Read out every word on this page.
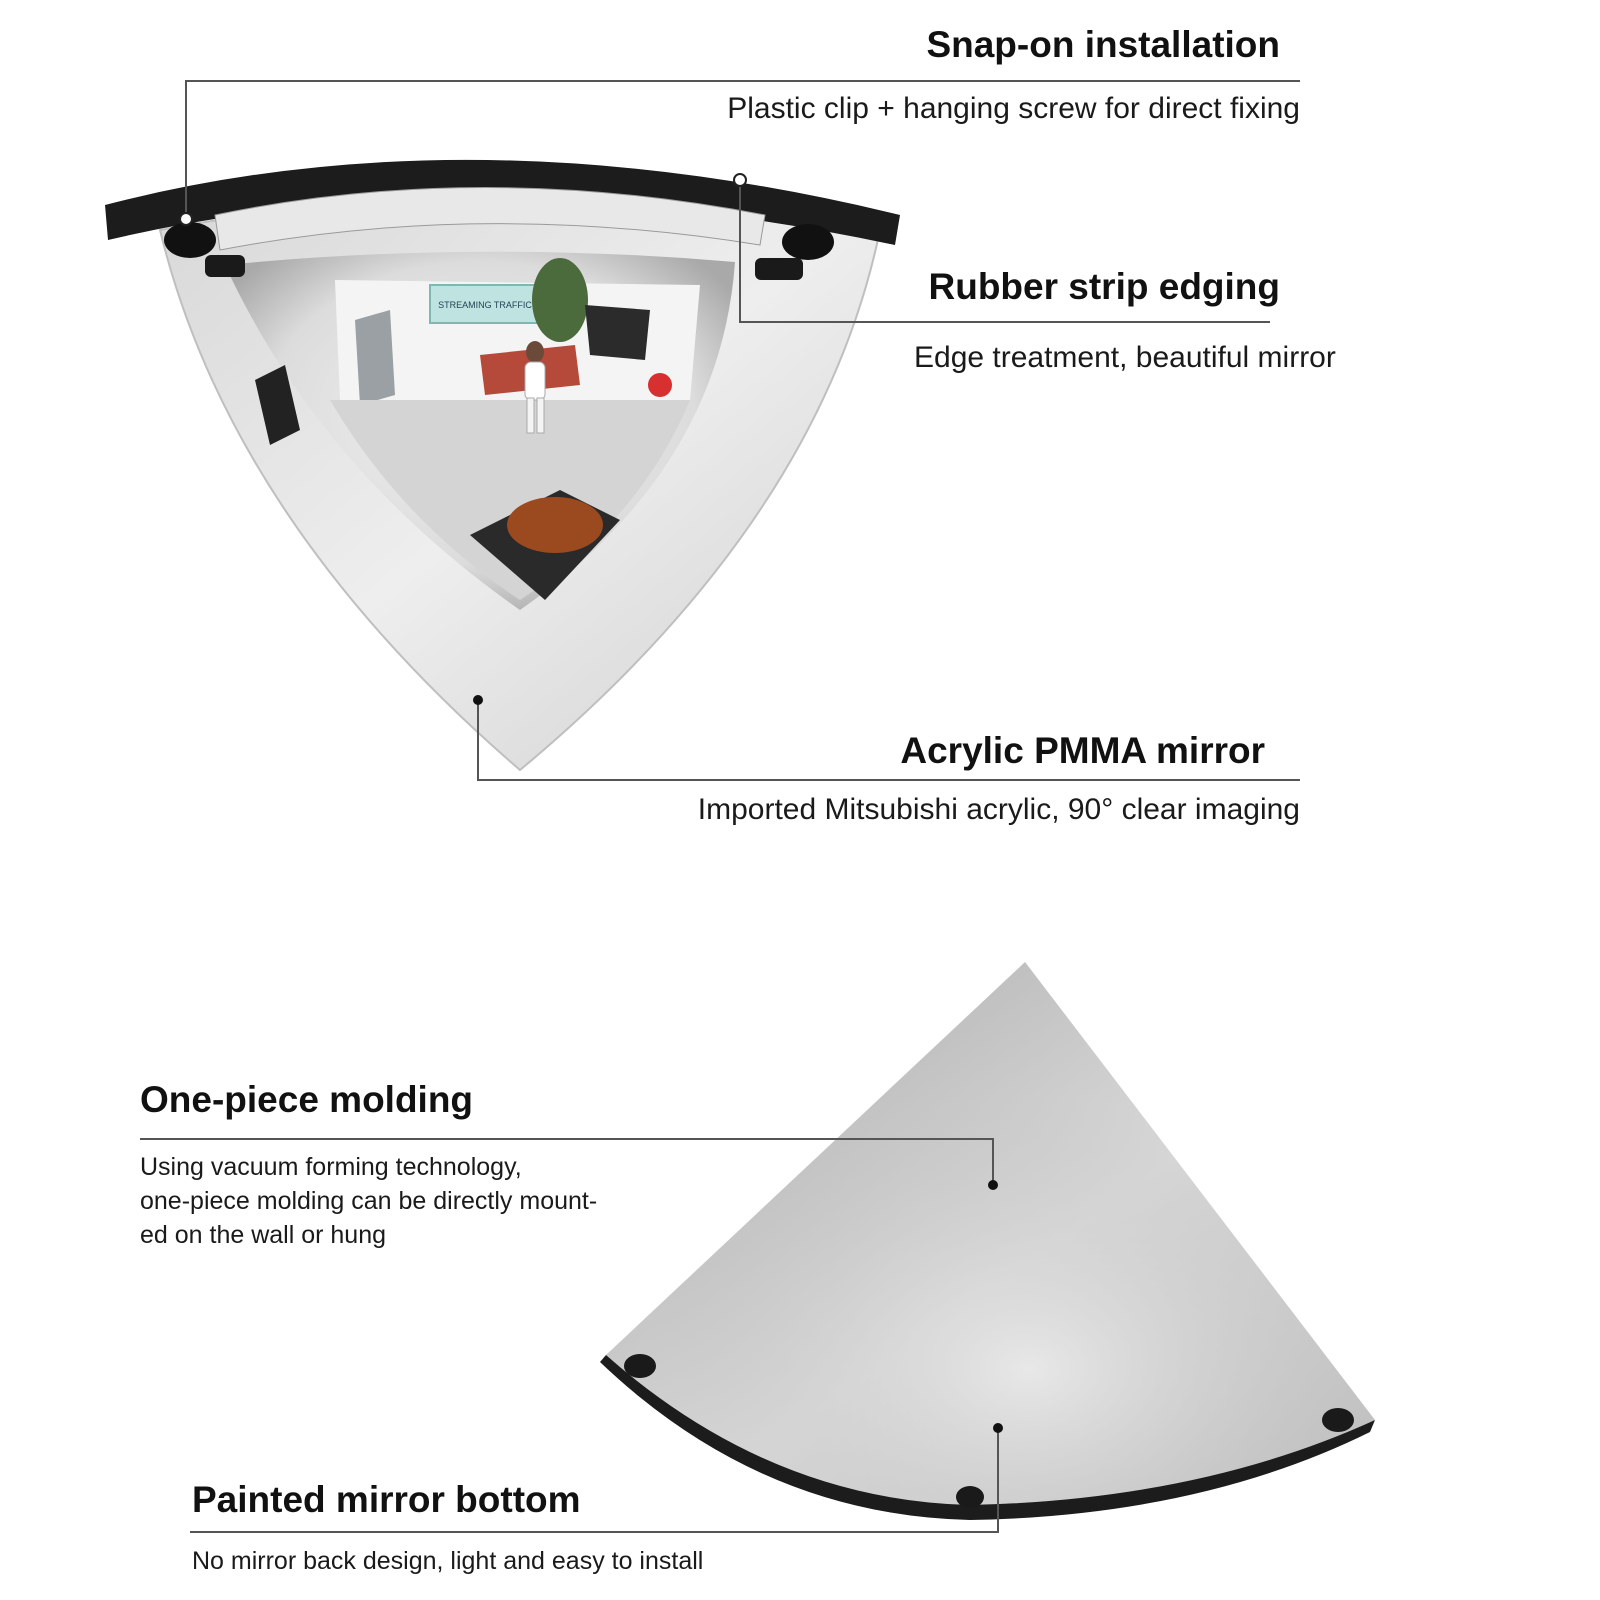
STREAMING TRAFFIC
Snap-on installation
Plastic clip + hanging screw for direct fixing
Rubber strip edging
Edge treatment, beautiful mirror
Acrylic PMMA mirror
Imported Mitsubishi acrylic, 90° clear imaging
One-piece molding
Using vacuum forming technology,
one-piece molding can be directly mount-
ed on the wall or hung
Painted mirror bottom
No mirror back design, light and easy to install
